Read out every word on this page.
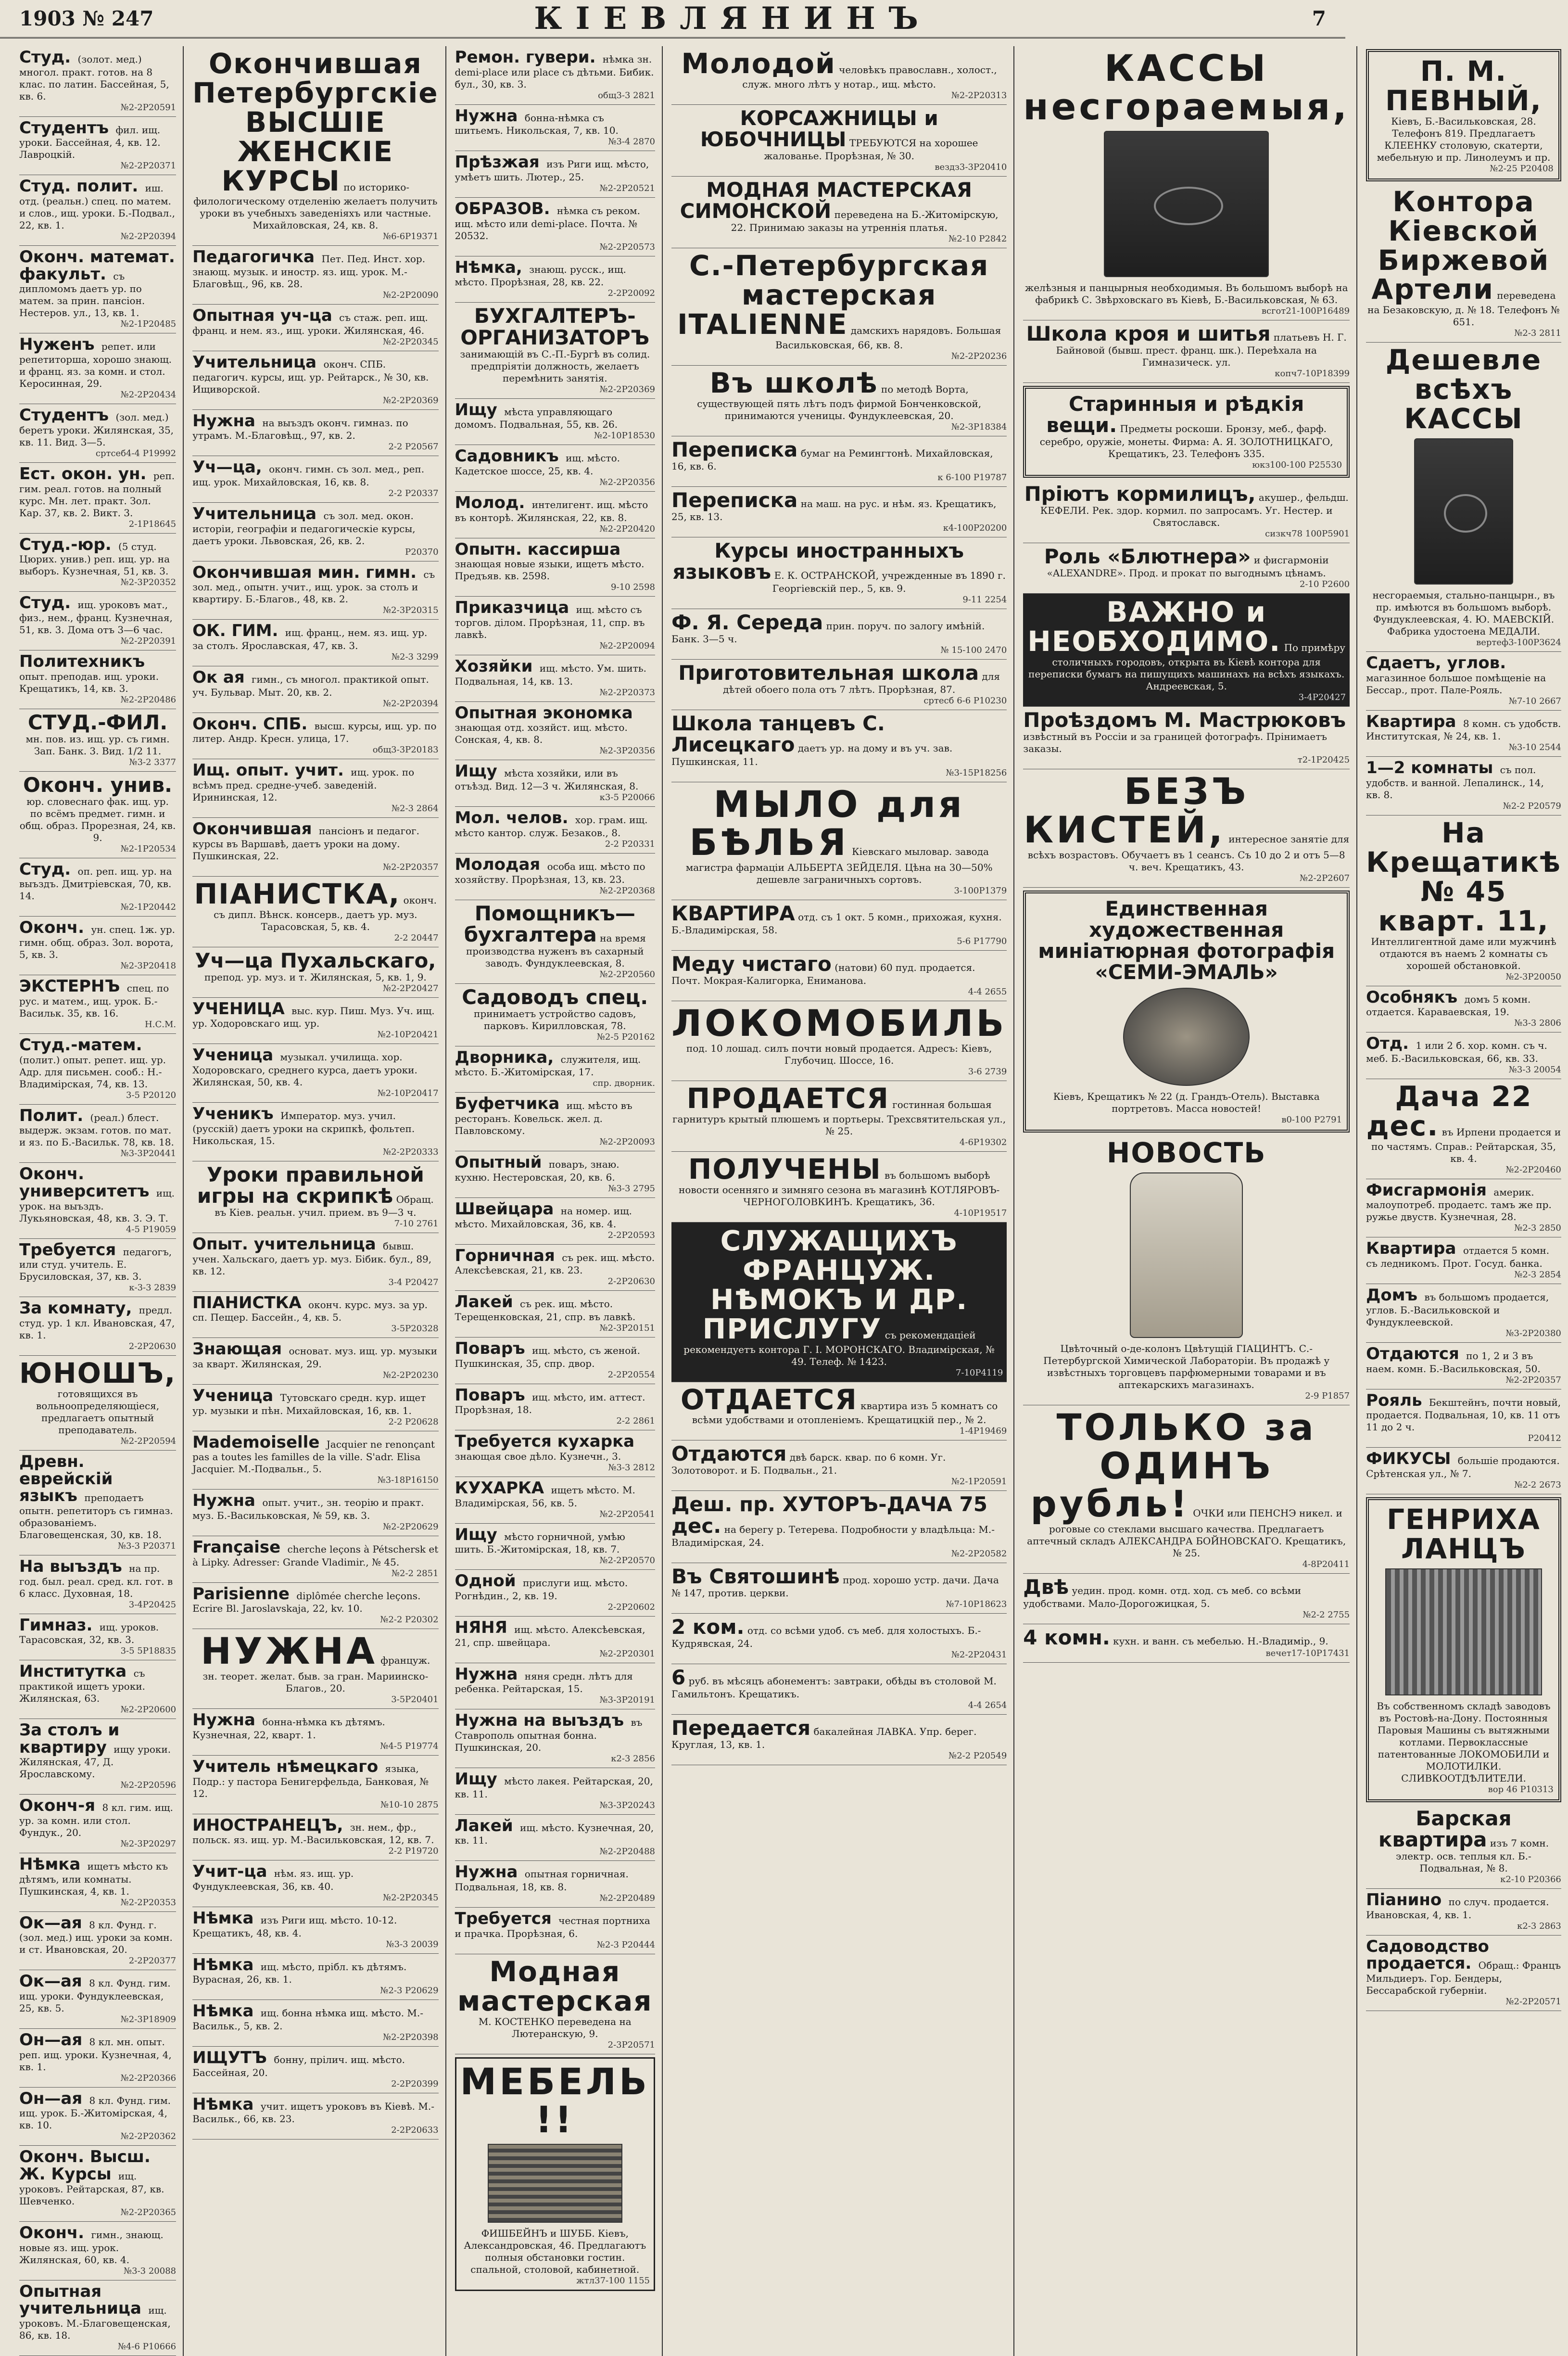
1903 № 247	КІЕВЛЯНИНЪ	7
Студ. (золот. мед.) многол. практ. готов. на 8 клас. по латин. Бассейная, 5, кв. 6.
№2-2Р20591
Студентъ фил. ищ. уроки. Бассейная, 4, кв. 12. Лавроцкій.
№2-2Р20371
Студ. полит. иш. отд. (реальн.) спец. по матем. и слов., ищ. уроки. Б.-Подвал., 22, кв. 1.
№2-2Р20394
Оконч. математ. факульт. съ дипломомъ даетъ ур. по матем. за прин. пансіон. Нестеров. ул., 13, кв. 1.
№2-1Р20485
Нуженъ репет. или репетиторша, хорошо знающ. и франц. яз. за комн. и стол. Керосинная, 29.
№2-2Р20434
Студентъ (зол. мед.) беретъ уроки. Жилянская, 35, кв. 11. Вид. 3—5.
сртсеб4-4 Р19992
Ест. окон. ун. реп. гим. реал. готов. на полный курс. Мн. лет. практ. Зол. Кар. 37, кв. 2. Викт. 3.
2-1Р18645
Студ.-юр. (5 студ. Цюрих. унив.) реп. ищ. ур. на выборъ. Кузнечная, 51, кв. 3.
№2-3Р20352
Студ. ищ. уроковъ мат., физ., нем., франц. Кузнечная, 51, кв. 3. Дома отъ 3—6 час.
№2-2Р20391
Политехникъ опыт. преподав. ищ. уроки. Крещатикъ, 14, кв. 3.
№2-2Р20486
СТУД.-ФИЛ. мн. пов. из. ищ. ур. съ гимн. Зап. Банк. 3. Вид. 1/2 11.
№3-2 3377
Оконч. унив. юр. словеснаго фак. ищ. ур. по всёмъ предмет. гимн. и общ. образ. Прорезная, 24, кв. 9.
№2-1Р20534
Студ. оп. реп. ищ. ур. на выъздъ. Дмитріевская, 70, кв. 14.
№2-1Р20442
Оконч. ун. спец. 1ж. ур. гимн. общ. образ. Зол. ворота, 5, кв. 3.
№2-3Р20418
ЭКСТЕРНЪ спец. по рус. и матем., ищ. урок. Б.-Васильк. 35, кв. 16.
Н.С.М.
Студ.-матем. (полит.) опыт. репет. ищ. ур. Адр. для письмен. сооб.: Н.-Владимірская, 74, кв. 13.
3-5 Р20120
Полит. (реал.) блест. выдерж. экзам. готов. по мат. и яз. по Б.-Ваcильк. 78, кв. 18.
№3-3Р20441
Оконч. университетъ ищ. урок. на выъздъ. Лукьяновская, 48, кв. 3. Э. Т.
4-5 Р19059
Требуется педагогъ, или студ. учитель. Е. Брусиловская, 37, кв. 3.
к-3-3 2839
За комнату, предл. студ. ур. 1 кл. Ивановская, 47, кв. 1.
2-2Р20630
ЮНОШЪ, готовящихся въ вольноопределяющіеся, предлагаетъ опытный преподаватель.
№2-2Р20594
Древн. еврейскій языкъ преподаетъ опытн. репетиторъ съ гимназ. образованіемъ. Благовещенская, 30, кв. 18.
№3-3 Р20371
На выъздъ на пр. год. был. реал. сред. кл. гот. в 6 класс. Духовная, 18.
3-4Р20425
Гимназ. ищ. уроков. Тарасовская, 32, кв. 3.
3-5 5Р18835
Институтка съ практикой ищетъ уроки. Жилянская, 63.
№2-2Р20600
За столъ и квартиру ищу уроки. Жилянская, 47, Д. Ярославскому.
№2-2Р20596
Оконч-я 8 кл. гим. ищ. ур. за комн. или стол. Фундук., 20.
№2-3Р20297
Нѣмка ищетъ мѣсто къ дѣтямъ, или комнаты. Пушкинская, 4, кв. 1.
№2-2Р20353
Ок—ая 8 кл. Фунд. г. (зол. мед.) ищ. уроки за комн. и ст. Ивановская, 20.
2-2Р20377
Ок—ая 8 кл. Фунд. гим. ищ. уроки. Фундуклеевская, 25, кв. 5.
№2-3Р18909
Он—ая 8 кл. мн. опыт. реп. ищ. уроки. Кузнечная, 4, кв. 1.
№2-2Р20366
Он—ая 8 кл. Фунд. гим. ищ. урок. Б.-Житомірская, 4, кв. 10.
№2-2Р20362
Оконч. Высш. Ж. Курсы ищ. уроковъ. Рейтарская, 87, кв. Шевченко.
№2-2Р20365
Оконч. гимн., знающ. новые яз. ищ. урок. Жилянская, 60, кв. 4.
№3-3 20088
Опытная учительница ищ. уроковъ. М.-Благовещенская, 86, кв. 18.
№4-6 Р10666
Окончившая Петербургскіе ВЫСШІЕ ЖЕНСКІЕ КУРСЫ по историко-филологическому отделенію желаетъ получить уроки въ учебныхъ заведеніяхъ или частные. Михайловская, 24, кв. 8.
№6-6Р19371
Педагогичка Пет. Пед. Инст. хор. знающ. музык. и иностр. яз. ищ. урок. М.-Благовѣщ., 96, кв. 28.
№2-2Р20090
Опытная уч-ца съ стаж. реп. ищ. франц. и нем. яз., ищ. уроки. Жилянская, 46.
№2-2Р20345
Учительница оконч. СПБ. педагогич. курсы, ищ. ур. Рейтарск., № 30, кв. Ищиворской.
№2-2Р20369
Нужна на выъздъ оконч. гимназ. по утрамъ. М.-Благовѣщ., 97, кв. 2.
2-2 Р20567
Уч—ца, оконч. гимн. съ зол. мед., реп. ищ. урок. Михайловская, 16, кв. 8.
2-2 Р20337
Учительница съ зол. мед. окон. исторіи, географіи и педагогическіе курсы, даетъ уроки. Львовская, 26, кв. 2.
Р20370
Окончившая мин. гимн. съ зол. мед., опытн. учит., ищ. урок. за столъ и квартиру. Б.-Благов., 48, кв. 2.
№2-3Р20315
ОК. ГИМ. ищ. франц., нем. яз. ищ. ур. за столъ. Ярославская, 47, кв. 3.
№2-3 3299
Ок ая гимн., съ многол. практикой опыт. уч. Бульвар. Мыт. 20, кв. 2.
№2-2Р20394
Оконч. СПБ. высш. курсы, ищ. ур. по литер. Андр. Кресн. улица, 17.
общ3-3Р20183
Ищ. опыт. учит. ищ. урок. по всѣмъ пред. средне-учеб. заведеній. Ирининская, 12.
№2-3 2864
Окончившая пансіонъ и педагог. курсы въ Варшавѣ, даетъ уроки на дому. Пушкинская, 22.
№2-2Р20357
ПІАНИСТКА, оконч. съ дипл. Вѣнск. консерв., даетъ ур. муз. Тарасовская, 5, кв. 4.
2-2 20447
Уч—ца Пухальскаго, препод. ур. муз. и т. Жилянская, 5, кв. 1, 9.
№2-2Р20427
УЧЕНИЦА выс. кур. Пиш. Муз. Уч. ищ. ур. Ходоровскаго ищ. ур.
№2-10Р20421
Ученица музыкал. училища. хор. Ходоровскаго, среднего курса, даетъ уроки. Жилянская, 50, кв. 4.
№2-10Р20417
Ученикъ Император. муз. учил. (русскій) даетъ уроки на скрипкѣ, фольтеп. Никольская, 15.
№2-2Р20333
Уроки правильной игры на скрипкѣ Обращ. въ Кіев. реальн. учил. прием. въ 9—3 ч.
7-10 2761
Опыт. учительница бывш. учен. Хальскаго, даетъ ур. муз. Бібик. бул., 89, кв. 12.
3-4 Р20427
ПІАНИСТКА оконч. курс. муз. за ур. сп. Пещер. Бассейн., 4, кв. 5.
3-5Р20328
Знающая основат. муз. ищ. ур. музыки за кварт. Жилянская, 29.
№2-2Р20230
Ученица Тутовскаго средн. кур. ищет ур. музыки и пѣн. Михайловская, 16, кв. 1.
2-2 Р20628
Mademoiselle Jacquier ne renonçant pas a toutes les familles de la ville. S'adr. Elisa Jacquier. М.-Подвальн., 5.
№3-18Р16150
Нужна опыт. учит., зн. теорію и практ. муз. Б.-Васильковская, № 59, кв. 3.
№2-2Р20629
Française cherche leçons à Pétschersk et à Lipky. Adresser: Grande Vladimir., № 45.
№2-2 2851
Parisienne diplômée cherche leçons. Ecrire Bl. Jaroslavskaja, 22, kv. 10.
№2-2 Р20302
НУЖНА француж. зн. теорет. желат. быв. за гран. Мариинско-Благов., 20.
3-5Р20401
Нужна бонна-нѣмка къ дѣтямъ. Кузнечная, 22, кварт. 1.
№4-5 Р19774
Учитель нѣмецкаго языка, Подр.: у пастора Бенигерфельда, Банковая, № 12.
№10-10 2875
ИНОСТРАНЕЦЪ, зн. нем., фр., польск. яз. ищ. ур. М.-Васильковская, 12, кв. 7.
2-2 Р19720
Учит-ца нѣм. яз. ищ. ур. Фундуклеевская, 36, кв. 40.
№2-2Р20345
Нѣмка изъ Риги ищ. мѣсто. 10-12. Крещатикъ, 48, кв. 4.
№3-3 20039
Нѣмка ищ. мѣсто, прібл. къ дѣтямъ. Вурасная, 26, кв. 1.
№2-3 Р20629
Нѣмка ищ. бонна нѣмка ищ. мѣсто. М.-Васильк., 5, кв. 2.
№2-2Р20398
ИЩУТЪ бонну, прілич. ищ. мѣсто. Бассейная, 20.
2-2Р20399
Нѣмка учит. ищетъ уроковъ въ Кіевѣ. М.-Васильк., 66, кв. 23.
2-2Р20633
Ремон. гувери. нѣмка зн. demi-place или place съ дѣтьми. Бибик. бул., 30, кв. 3.
общ3-3 2821
Нужна бонна-нѣмка съ шитьемъ. Никольская, 7, кв. 10.
№3-4 2870
Прѣзжая изъ Риги ищ. мѣсто, умѣетъ шить. Лютер., 25.
№2-2Р20521
ОБРАЗОВ. нѣмка съ реком. ищ. мѣсто или demi-place. Почта. № 20532.
№2-2Р20573
Нѣмка, знающ. русск., ищ. мѣсто. Прорѣзная, 28, кв. 22.
2-2Р20092
БУХГАЛТЕРЪ-ОРГАНИЗАТОРЪ занимающій въ С.-П.-Бургѣ въ солид. предпріятіи должность, желаетъ перемѣнить занятія.
№2-2Р20369
Ищу мѣста управляющаго домомъ. Подвальная, 55, кв. 26.
№2-10Р18530
Садовникъ ищ. мѣсто. Кадетское шоссе, 25, кв. 4.
№2-2Р20356
Молод. интелигент. ищ. мѣсто въ конторѣ. Жилянская, 22, кв. 8.
№2-2Р20420
Опытн. кассирша знающая новые языки, ищетъ мѣсто. Предъяв. кв. 2598.
9-10 2598
Приказчица ищ. мѣсто съ торгов. ділом. Прорѣзная, 11, спр. въ лавкѣ.
№2-2Р20094
Хозяйки ищ. мѣсто. Ум. шить. Подвальная, 14, кв. 13.
№2-2Р20373
Опытная экономка знающая отд. хозяйст. ищ. мѣсто. Сонская, 4, кв. 8.
№2-3Р20356
Ищу мѣста хозяйки, или въ отъѣзд. Вид. 12—3 ч. Жилянская, 8.
к3-5 Р20066
Мол. челов. хор. грам. ищ. мѣсто кантор. служ. Безаков., 8.
2-2 Р20331
Молодая особа ищ. мѣсто по хозяйству. Прорѣзная, 13, кв. 23.
№2-2Р20368
Помощникъ—бухгалтера на время производства нуженъ въ сахарный заводъ. Фундуклеевская, 8.
№2-2Р20560
Садоводъ спец. принимаетъ устройство садовъ, парковъ. Кирилловская, 78.
№2-5 Р20162
Дворника, служителя, ищ. мѣсто. Б.-Житомірская, 17.
спр. дворник.
Буфетчика ищ. мѣсто въ ресторанъ. Ковельск. жел. д. Павловскому.
№2-2Р20093
Опытный поваръ, знаю. кухню. Нестеровская, 20, кв. 6.
№3-3 2795
Швейцара на номер. ищ. мѣсто. Михайловская, 36, кв. 4.
2-2Р20593
Горничная съ рек. ищ. мѣсто. Алексѣевская, 21, кв. 23.
2-2Р20630
Лакей съ рек. ищ. мѣсто. Терещенковская, 21, спр. въ лавкѣ.
№2-3Р20151
Поваръ ищ. мѣсто, съ женой. Пушкинская, 35, спр. двор.
2-2Р20554
Поваръ ищ. мѣсто, им. аттест. Прорѣзная, 18.
2-2 2861
Требуется кухарка знающая свое дѣло. Кузнечн., 3.
№3-3 2812
КУХАРКА ищетъ мѣсто. М. Владимірская, 56, кв. 5.
№2-2Р20541
Ищу мѣсто горничной, умѣю шить. Б.-Житомірская, 18, кв. 7.
№2-2Р20570
Одной прислуги ищ. мѣсто. Рогнѣдин., 2, кв. 19.
2-2Р20602
НЯНЯ ищ. мѣсто. Алексѣевская, 21, спр. швейцара.
№2-2Р20301
Нужна няня средн. лѣтъ для ребенка. Рейтарская, 15.
№3-3Р20191
Нужна на выъздъ въ Ставрополь опытная бонна. Пушкинская, 20.
к2-3 2856
Ищу мѣсто лакея. Рейтарская, 20, кв. 11.
№3-3Р20243
Лакей ищ. мѣсто. Кузнечная, 20, кв. 11.
№2-2Р20488
Нужна опытная горничная. Подвальная, 18, кв. 8.
№2-2Р20489
Требуется честная портниха и прачка. Прорѣзная, 6.
№2-3 Р20444
Модная мастерская М. КОСТЕНКО переведена на Лютеранскую, 9.
2-3Р20571
МЕБЕЛЬ !!
ФИШБЕЙНЪ и ШУББ. Кіевъ, Александровская, 46. Предлагаютъ полныя обстановки гостин. спальной, столовой, кабинетной.
жтл37-100 1155
Молодой человѣкъ православн., холост., служ. много лѣтъ у нотар., ищ. мѣсто.
№2-2Р20313
КОРСАЖНИЦЫ и ЮБОЧНИЦЫ ТРЕБУЮТСЯ на хорошее жалованье. Прорѣзная, № 30.
вездз3-3Р20410
МОДНАЯ МАСТЕРСКАЯ СИМОНСКОЙ переведена на Б.-Житомірскую, 22. Принимаю заказы на утреннія платья.
№2-10 Р2842
С.-Петербургская мастерская ITALIENNE дамскихъ нарядовъ. Большая Васильковская, 66, кв. 8.
№2-2Р20236
Въ школѣ по методѣ Ворта, существующей пять лѣтъ подъ фирмой Бонченковской, принимаются ученицы. Фундуклеевская, 20.
№2-3Р18384
Переписка бумаг на Ремингтонѣ. Михайловская, 16, кв. 6.
к 6-100 Р19787
Переписка на маш. на рус. и нѣм. яз. Крещатикъ, 25, кв. 13.
к4-100Р20200
Курсы иностранныхъ языковъ Е. К. ОСТРАНСКОЙ, учрежденные въ 1890 г. Георгіевскій пер., 5, кв. 9.
9-11 2254
Ф. Я. Середа прин. поруч. по залогу имѣній. Банк. 3—5 ч.
№ 15-100 2470
Приготовительная школа для дѣтей обоего пола отъ 7 лѣтъ. Прорѣзная, 87.
сртесб 6-6 Р10230
Школа танцевъ С. Лисецкаго даетъ ур. на дому и въ уч. зав. Пушкинская, 11.
№3-15Р18256
МЫЛО для БѢЛЬЯ Кіевскаго мыловар. завода магистра фармаціи АЛЬБЕРТА ЗЕЙДЕЛЯ. Цѣна на 30—50% дешевле заграничныхъ сортовъ.
3-100Р1379
КВАРТИРА отд. съ 1 окт. 5 комн., прихожая, кухня. Б.-Владимірская, 58.
5-6 Р17790
Меду чистаго (натови) 60 пуд. продается. Почт. Мокрая-Калигорка, Ениманова.
4-4 2655
ЛОКОМОБИЛЬ под. 10 лошад. силъ почти новый продается. Адресъ: Кіевъ, Глубочиц. Шоссе, 16.
3-6 2739
ПРОДАЕТСЯ гостинная большая гарнитуръ крытый плюшемъ и портьеры. Трехсвятительская ул., № 25.
4-6Р19302
ПОЛУЧЕНЫ въ большомъ выборѣ новости осенняго и зимняго сезона въ магазинѣ КОТЛЯРОВЪ-ЧЕРНОГОЛОВКИНЪ. Крещатикъ, 36.
4-10Р19517
СЛУЖАЩИХЪ ФРАНЦУЖ. НѢМОКЪ И ДР. ПРИСЛУГУ съ рекомендаціей рекомендуетъ контора Г. І. МОРОНСКАГО. Владимірская, № 49. Телеф. № 1423.
7-10Р4119
ОТДАЕТСЯ квартира изъ 5 комнатъ со всѣми удобствами и отопленіемъ. Крещатицкій пер., № 2.
1-4Р19469
Отдаются двѣ барск. квар. по 6 комн. Уг. Золотоворот. и Б. Подвальн., 21.
№2-1Р20591
Деш. пр. ХУТОРЪ-ДАЧА 75 дес. на берегу р. Тетерева. Подробности у владѣльца: М.-Владимірская, 24.
№2-2Р20582
Въ Святошинѣ прод. хорошо устр. дачи. Дача № 147, против. церкви.
№7-10Р18623
2 ком. отд. со всѣми удоб. съ меб. для холостыхъ. Б.-Кудрявская, 24.
№2-2Р20431
6 руб. въ мѣсяцъ абонементъ: завтраки, обѣды въ столовой М. Гамильтонъ. Крещатикъ.
4-4 2654
Передается бакалейная ЛАВКА. Упр. берег. Круглая, 13, кв. 1.
№2-2 Р20549
КАССЫ несгораемыя,
желѣзныя и панцырныя необходимыя. Въ большомъ выборѣ на фабрикѣ С. Звѣрховскаго въ Кіевѣ, Б.-Васильковская, № 63.
всгот21-100Р16489
Школа кроя и шитья платьевъ Н. Г. Байновой (бывш. прест. франц. шк.). Переѣхала на Гимназическ. ул.
копч7-10Р18399
Старинныя и рѣдкія вещи. Предметы роскоши. Бронзу, меб., фарф. серебро, оружіе, монеты. Фирма: А. Я. ЗОЛОТНИЦКАГО, Крещатикъ, 23. Телефонъ 335.
юкз100-100 Р25530
Пріютъ кормилицъ, акушер., фельдш. КЕФЕЛИ. Рек. здор. кормил. по запросамъ. Уг. Нестер. и Святославск.
сизкч78 100Р5901
Роль «Блютнера» и фисгармоніи «ALEXANDRE». Прод. и прокат по выгоднымъ цѣнамъ.
2-10 Р2600
ВАЖНО и НЕОБХОДИМО. По примѣру столичныхъ городовъ, открыта въ Кіевѣ контора для переписки бумагъ на пишущихъ машинахъ на всѣхъ языкахъ. Андреевская, 5.
3-4Р20427
Проѣздомъ М. Мастрюковъ извѣстный въ Россіи и за границей фотографъ. Прінимаетъ заказы.
т2-1Р20425
БЕЗЪ КИСТЕЙ, интересное занятіе для всѣхъ возрастовъ. Обучаетъ въ 1 сеансъ. Съ 10 до 2 и отъ 5—8 ч. веч. Крещатикъ, 43.
№2-2Р2607
Единственная художественная миніатюрная фотографія «СЕМИ-ЭМАЛЬ»
Кіевъ, Крещатикъ № 22 (д. Грандъ-Отель). Выставка портретовъ. Масса новостей!
в0-100 Р2791
НОВОСТЬ
Цвѣточный о-де-колонъ Цвѣтущій ГІАЦИНТЪ. С.-Петербургской Химической Лабораторіи. Въ продажѣ у извѣстныхъ торговцевъ парфюмерными товарами и въ аптекарскихъ магазинахъ.
2-9 Р1857
ТОЛЬКО за ОДИНЪ рубль! ОЧКИ или ПЕНСНЭ никел. и роговые со стеклами высшаго качества. Предлагаетъ аптечный складъ АЛЕКСАНДРА БОЙНОВСКАГО. Крещатикъ, № 25.
4-8Р20411
Двѣ уедин. прод. комн. отд. ход. съ меб. со всѣми удобствами. Мало-Дорогожицкая, 5.
№2-2 2755
4 комн. кухн. и ванн. съ мебелью. Н.-Владимір., 9.
вечет17-10Р17431
П. М. ПЕВНЫЙ, Кіевъ, Б.-Васильковская, 28. Телефонъ 819. Предлагаетъ КЛЕЕНКУ столовую, скатерти, мебельную и пр. Линолеумъ и пр.
№2-25 Р20408
Контора Кіевской Биржевой Артели переведена на Безаковскую, д. № 18. Телефонъ № 651.
№2-3 2811
Дешевле всѣхъ КАССЫ
несгораемыя, стально-панцырн., въ пр. имѣются въ большомъ выборѣ. Фундуклеевская, 4. Ю. МАЕВСКІЙ. Фабрика удостоена МЕДАЛИ.
вертеф3-100Р3624
Сдаетъ, углов. магазинное большое помѣщеніе на Бессар., прот. Пале-Рояль.
№7-10 2667
Квартира 8 комн. съ удобств. Институтская, № 24, кв. 1.
№3-10 2544
1—2 комнаты съ пол. удобств. и ванной. Лепалинск., 14, кв. 8.
№2-2 Р20579
На Крещатикѣ № 45 кварт. 11, Интеллигентной даме или мужчинѣ отдаются въ наемъ 2 комнаты съ хорошей обстановкой.
№2-3Р20050
Особнякъ домъ 5 комн. отдается. Караваевская, 19.
№3-3 2806
Отд. 1 или 2 б. хор. комн. съ ч. меб. Б.-Васильковская, 66, кв. 33.
№3-3 20054
Дача 22 дес. въ Ирпени продается и по частямъ. Справ.: Рейтарская, 35, кв. 4.
№2-2Р20460
Фисгармонія америк. малоупотреб. продаетс. тамъ же пр. ружье двуств. Кузнечная, 28.
№2-3 2850
Квартира отдается 5 комн. съ ледникомъ. Прот. Госуд. банка.
№2-3 2854
Домъ въ большомъ продается, углов. Б.-Васильковской и Фундуклеевской.
№3-2Р20380
Отдаются по 1, 2 и 3 въ наем. комн. Б.-Васильковская, 50.
№2-2Р20357
Рояль Бекштейнъ, почти новый, продается. Подвальная, 10, кв. 11 отъ 11 до 2 ч.
Р20412
ФИКУСЫ большіе продаются. Срѣтенская ул., № 7.
№2-2 2673
ГЕНРИХА ЛАНЦЪ
Въ собственномъ складѣ заводовъ въ Ростовѣ-на-Дону. Постоянныя Паровыя Машины съ вытяжными котлами. Первоклассные патентованные ЛОКОМОБИЛИ и МОЛОТИЛКИ. СЛИВКООТДѢЛИТЕЛИ.
вор 46 Р10313
Барская квартира изъ 7 комн. электр. осв. теплыя кл. Б.-Подвальная, № 8.
к2-10 Р20366
Піанино по случ. продается. Ивановская, 4, кв. 1.
к2-3 2863
Садоводство продается. Обращ.: Францъ Мильдиеръ. Гор. Бендеры, Бессарабской губерніи.
№2-2Р20571
